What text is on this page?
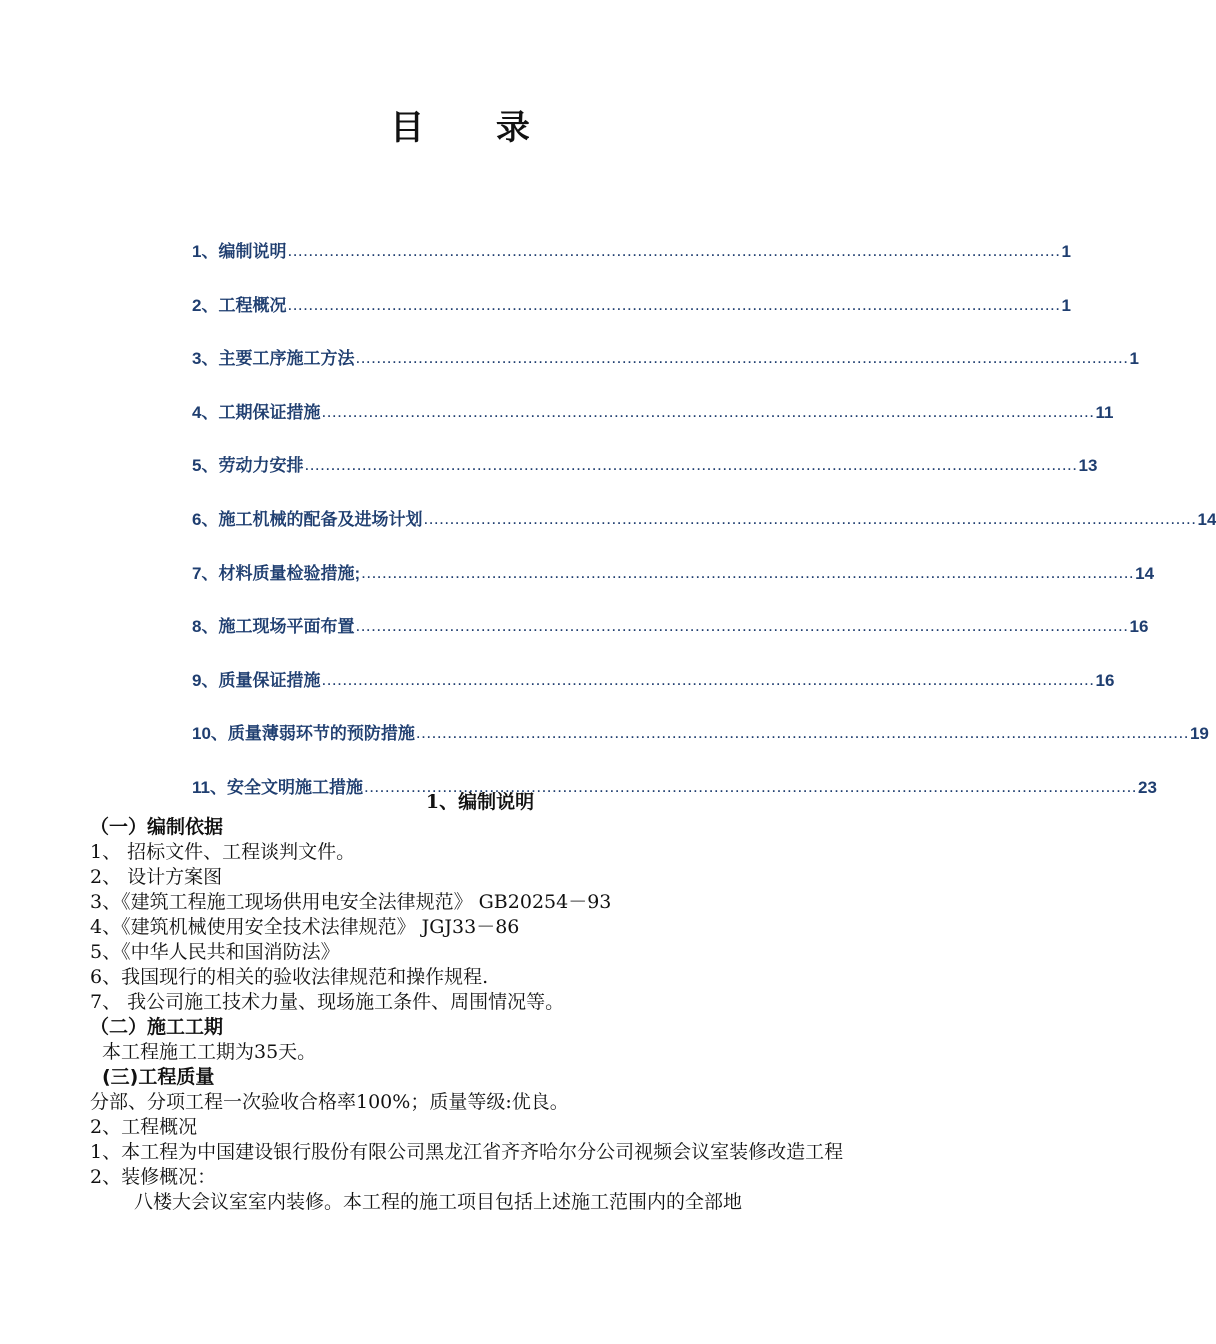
目 录
1、编制说明 .................................................................................................................................................... 1
2、工程概况 .................................................................................................................................................... 1
3、主要工序施工方法 .................................................................................................................................................... 1
4、工期保证措施 .................................................................................................................................................... 11
5、劳动力安排 .................................................................................................................................................... 13
6、施工机械的配备及进场计划 .................................................................................................................................................... 14
7、材料质量检验措施; .................................................................................................................................................... 14
8、施工现场平面布置 .................................................................................................................................................... 16
9、质量保证措施 .................................................................................................................................................... 16
10、质量薄弱环节的预防措施 .................................................................................................................................................... 19
11、安全文明施工措施 .................................................................................................................................................... 23
1、编制说明
（一）编制依据
1、 招标文件、工程谈判文件。
2、 设计方案图
3、《建筑工程施工现场供用电安全法律规范》 GB20254－93
4、《建筑机械使用安全技术法律规范》 JGJ33－86
5、《中华人民共和国消防法》
6、我国现行的相关的验收法律规范和操作规程.
7、 我公司施工技术力量、现场施工条件、周围情况等。
（二）施工工期
本工程施工工期为35天。
(三)工程质量
分部、分项工程一次验收合格率100%；质量等级:优良。
2、工程概况
1、本工程为中国建设银行股份有限公司黑龙江省齐齐哈尔分公司视频会议室装修改造工程
2、装修概况：
八楼大会议室室内装修。本工程的施工项目包括上述施工范围内的全部地
